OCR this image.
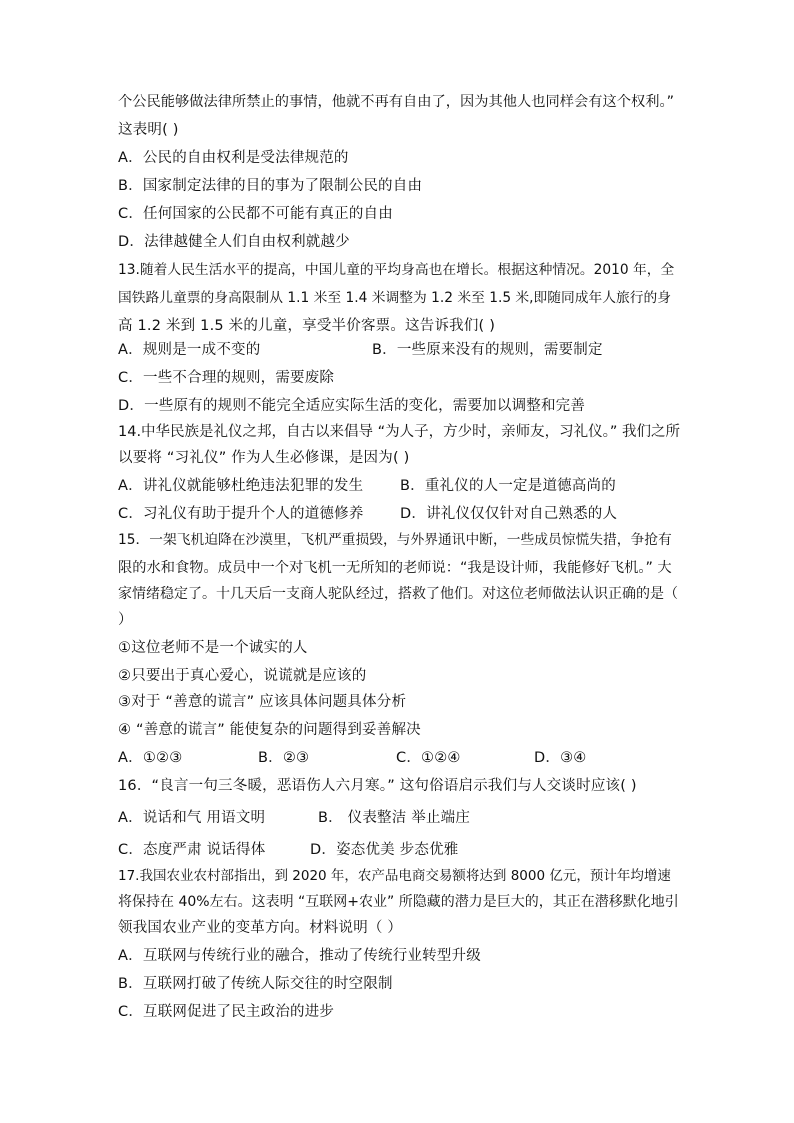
个公民能够做法律所禁止的事情，他就不再有自由了，因为其他人也同样会有这个权利。”
这表明( )
A．公民的自由权利是受法律规范的
B．国家制定法律的目的事为了限制公民的自由
C．任何国家的公民都不可能有真正的自由
D．法律越健全人们自由权利就越少
13.随着人民生活水平的提高，中国儿童的平均身高也在增长。根据这种情况。2010 年，全
国铁路儿童票的身高限制从 1.1 米至 1.4 米调整为 1.2 米至 1.5 米,即随同成年人旅行的身
高 1.2 米到 1.5 米的儿童，享受半价客票。这告诉我们( )
A．规则是一成不变的	B．一些原来没有的规则，需要制定
C．一些不合理的规则，需要废除
D．一些原有的规则不能完全适应实际生活的变化，需要加以调整和完善
14.中华民族是礼仪之邦，自古以来倡导 “为人子，方少时，亲师友，习礼仪。” 我们之所
以要将 “习礼仪” 作为人生必修课，是因为( )
A．讲礼仪就能够杜绝违法犯罪的发生	B．重礼仪的人一定是道德高尚的
C．习礼仪有助于提升个人的道德修养	D．讲礼仪仅仅针对自己熟悉的人
15．一架飞机迫降在沙漠里，飞机严重损毁，与外界通讯中断，一些成员惊慌失措，争抢有
限的水和食物。成员中一个对飞机一无所知的老师说：“我是设计师，我能修好飞机。” 大
家情绪稳定了。十几天后一支商人驼队经过，搭救了他们。对这位老师做法认识正确的是（
）
①这位老师不是一个诚实的人
②只要出于真心爱心，说谎就是应该的
③对于 “善意的谎言” 应该具体问题具体分析
④ “善意的谎言” 能使复杂的问题得到妥善解决
A．①②③	B．②③	C．①②④	D．③④
16．“良言一句三冬暖，恶语伤人六月寒。” 这句俗语启示我们与人交谈时应该( )
A．说话和气 用语文明	B． 仪表整洁 举止端庄
C．态度严肃 说话得体	D．姿态优美 步态优雅
17.我国农业农村部指出，到 2020 年，农产品电商交易额将达到 8000 亿元，预计年均增速
将保持在 40%左右。这表明 “互联网+农业” 所隐藏的潜力是巨大的，其正在潜移默化地引
领我国农业产业的变革方向。材料说明（ ）
A．互联网与传统行业的融合，推动了传统行业转型升级
B．互联网打破了传统人际交往的时空限制
C．互联网促进了民主政治的进步
